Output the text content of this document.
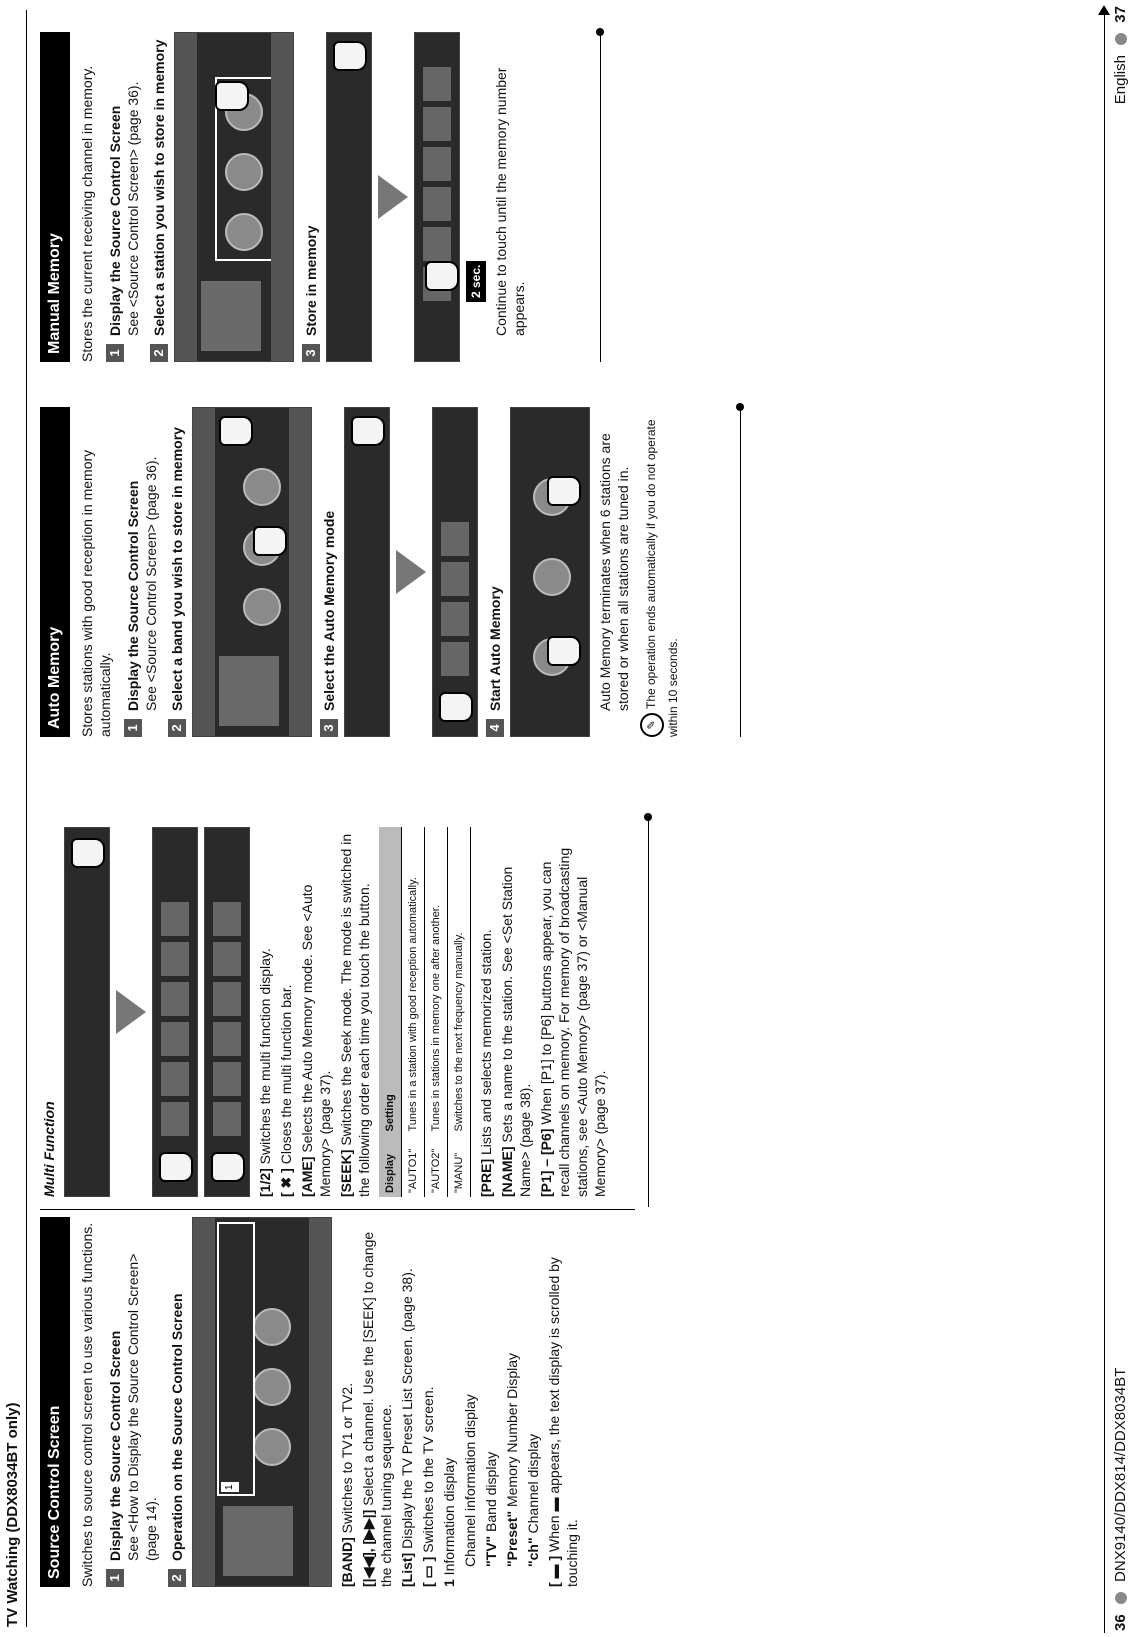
TV Watching (DDX8034BT only)	Source Control Screen	Switches to source control screen to use various functions. 1
Display the Source Control Screen See <How to Display the Source Control Screen> (page 14).
2
Operation on the Source Control Screen	1
[BAND] Switches to TV1 or TV2.
[|◀◀], [▶▶|] Select a channel. Use the [SEEK] to change the channel tuning sequence. [List] Display the TV Preset List Screen. (page 38).
[ ▭ ] Switches to the TV screen.
1 Information display Channel information display "TV" Band display
"Preset" Memory Number Display
"ch" Channel display
[ ▬ ] When ▬ appears, the text display is scrolled by touching it.
Multi Function	[1/2] Switches the multi function display.
[ ✖ ] Closes the multi function bar.
[AME] Selects the Auto Memory mode. See <Auto Memory> (page 37). [SEEK] Switches the Seek mode. The mode is switched in the following order each time you touch the button. Display	Setting
"AUTO1"	Tunes in a station with good reception automatically.
"AUTO2"	Tunes in stations in memory one after another.
"MANU"	Switches to the next frequency manually.
[PRE] Lists and selects memorized station.
[NAME] Sets a name to the station. See <Set Station Name> (page 38). [P1] – [P6] When [P1] to [P6] buttons appear, you can recall channels on memory. For memory of broadcasting stations, see <Auto Memory> (page 37) or <Manual Memory> (page 37).
Auto Memory	Stores stations with good reception in memory automatically. 1
Display the Source Control Screen See <Source Control Screen> (page 36).
2
Select a band you wish to store in memory
3
Select the Auto Memory mode
4
Start Auto Memory	Auto Memory terminates when 6 stations are stored or when all stations are tuned in.
✎The operation ends automatically if you do not operate within 10 seconds.
Manual Memory	Stores the current receiving channel in memory. 1
Display the Source Control Screen See <Source Control Screen> (page 36).
2
Select a station you wish to store in memory
3
Store in memory	2 sec. Continue to touch until the memory number appears.
36  DNX9140/DDX814/DDX8034BT
English  37
